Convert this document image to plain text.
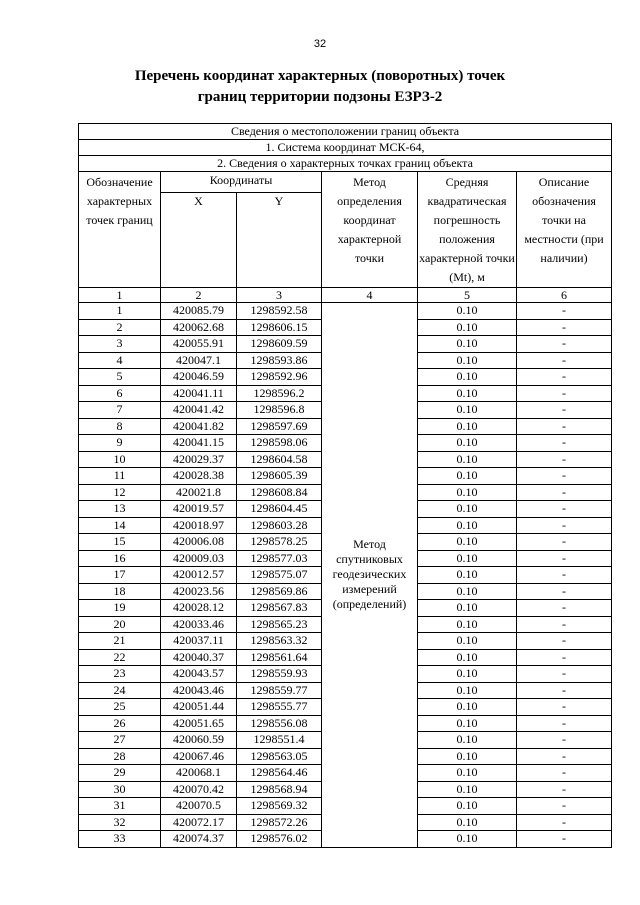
32
Перечень координат характерных (поворотных) точек
границ территории подзоны ЕЗРЗ-2
Сведения о местоположении границ объекта					
1. Система координат МСК-64,					
2. Сведения о характерных точках границ объекта					
Обозначение характерных точек границ	Координаты		Метод определения координат характерной точки	Средняя квадратическая погрешность положения характерной точки (Mt), м	Описание обозначения точки на местности (при наличии)
	X	Y			
1	2	3	4	5	6
1	420085.79	1298592.58	Метод спутниковых геодезических измерений (определений)	0.10	-
2	420062.68	1298606.15		0.10	-
3	420055.91	1298609.59		0.10	-
4	420047.1	1298593.86		0.10	-
5	420046.59	1298592.96		0.10	-
6	420041.11	1298596.2		0.10	-
7	420041.42	1298596.8		0.10	-
8	420041.82	1298597.69		0.10	-
9	420041.15	1298598.06		0.10	-
10	420029.37	1298604.58		0.10	-
11	420028.38	1298605.39		0.10	-
12	420021.8	1298608.84		0.10	-
13	420019.57	1298604.45		0.10	-
14	420018.97	1298603.28		0.10	-
15	420006.08	1298578.25		0.10	-
16	420009.03	1298577.03		0.10	-
17	420012.57	1298575.07		0.10	-
18	420023.56	1298569.86		0.10	-
19	420028.12	1298567.83		0.10	-
20	420033.46	1298565.23		0.10	-
21	420037.11	1298563.32		0.10	-
22	420040.37	1298561.64		0.10	-
23	420043.57	1298559.93		0.10	-
24	420043.46	1298559.77		0.10	-
25	420051.44	1298555.77		0.10	-
26	420051.65	1298556.08		0.10	-
27	420060.59	1298551.4		0.10	-
28	420067.46	1298563.05		0.10	-
29	420068.1	1298564.46		0.10	-
30	420070.42	1298568.94		0.10	-
31	420070.5	1298569.32		0.10	-
32	420072.17	1298572.26		0.10	-
33	420074.37	1298576.02		0.10	-
